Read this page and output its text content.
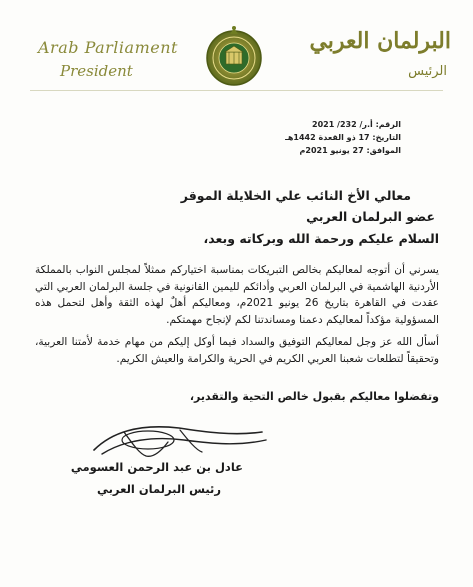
Arab Parliament
President
البرلمان العربي
الرئيس
الرقم: أ.ر/ 232/ 2021
التاريخ: 17 ذو القعدة 1442هـ
الموافق: 27 يونيو 2021م
معالي الأخ النائب علي الخلايلة الموقر
عضو البرلمان العربي
السلام عليكم ورحمة الله وبركاته وبعد،

يسرني أن أتوجه لمعاليكم بخالص التبريكات بمناسبة اختياركم ممثلاً لمجلس النواب بالمملكة الأردنية الهاشمية في البرلمان العربي وأدائكم لليمين القانونية في جلسة البرلمان العربي التي عقدت في القاهرة بتاريخ 26 يونيو 2021م، ومعاليكم أهلٌ لهذه الثقة وأهل لتحمل هذه المسؤولية مؤكداً لمعاليكم دعمنا ومساندتنا لكم لإنجاح مهمتكم.

أسأل الله عز وجل لمعاليكم التوفيق والسداد فيما أوكل إليكم من مهام خدمة لأمتنا العربية، وتحقيقاً لتطلعات شعبنا العربي الكريم في الحرية والكرامة والعيش الكريم.

وتفضلوا معاليكم بقبول خالص التحية والتقدير،
عادل بن عبد الرحمن العسومي
رئيس البرلمان العربي
